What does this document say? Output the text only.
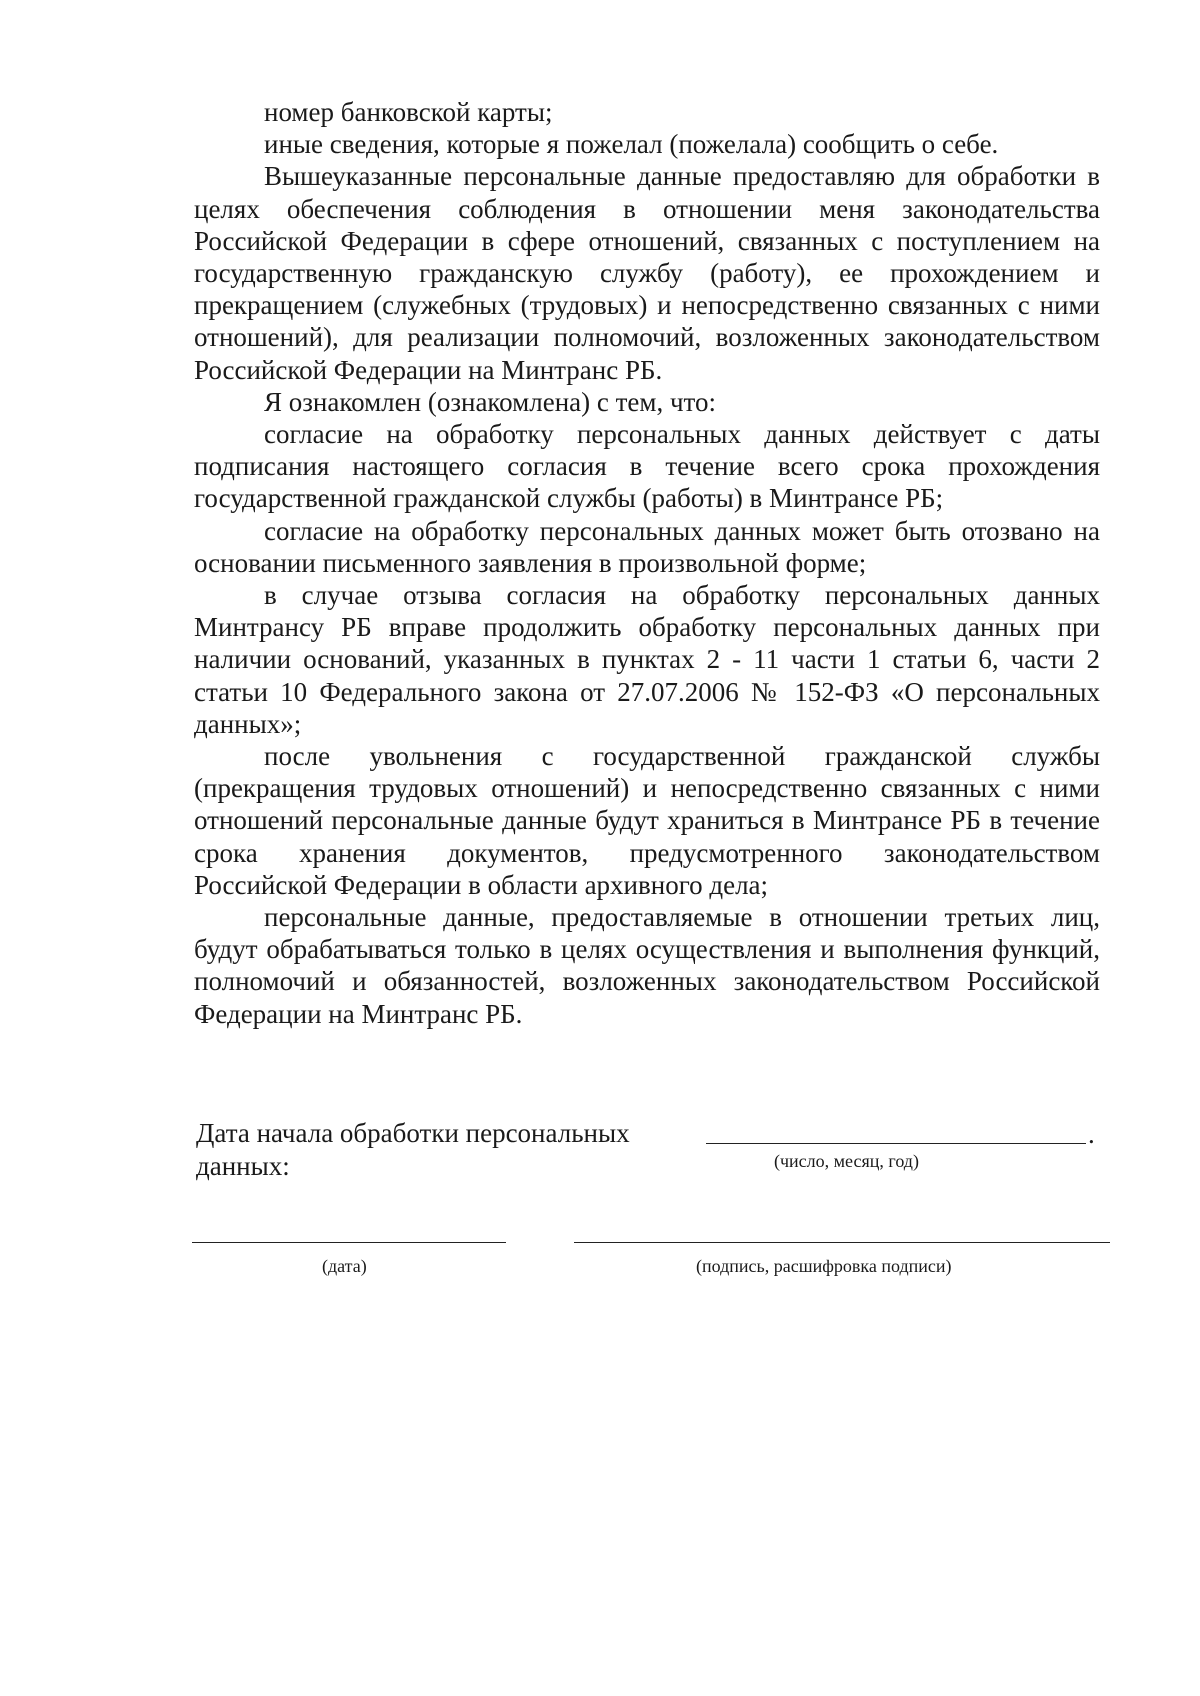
номер банковской карты;

иные сведения, которые я пожелал (пожелала) сообщить о себе.

Вышеуказанные персональные данные предоставляю для обработки в целях обеспечения соблюдения в отношении меня законодательства Российской Федерации в сфере отношений, связанных с поступлением на государственную гражданскую службу (работу), ее прохождением и прекращением (служебных (трудовых) и непосредственно связанных с ними отношений), для реализации полномочий, возложенных законодательством Российской Федерации на Минтранс РБ.

Я ознакомлен (ознакомлена) с тем, что:

согласие на обработку персональных данных действует с даты подписания настоящего согласия в течение всего срока прохождения государственной гражданской службы (работы) в Минтрансе РБ;

согласие на обработку персональных данных может быть отозвано на основании письменного заявления в произвольной форме;

в случае отзыва согласия на обработку персональных данных Минтрансу РБ вправе продолжить обработку персональных данных при наличии оснований, указанных в пунктах 2 - 11 части 1 статьи 6, части 2 статьи 10 Федерального закона от 27.07.2006 № 152-ФЗ «О персональных данных»;

после увольнения с государственной гражданской службы (прекращения трудовых отношений) и непосредственно связанных с ними отношений персональные данные будут храниться в Минтрансе РБ в течение срока хранения документов, предусмотренного законодательством Российской Федерации в области архивного дела;

персональные данные, предоставляемые в отношении третьих лиц, будут обрабатываться только в целях осуществления и выполнения функций, полномочий и обязанностей, возложенных законодательством Российской Федерации на Минтранс РБ.

Дата начала обработки персональных данных:
.
(число, месяц, год)
(дата)	(подпись, расшифровка подписи)
